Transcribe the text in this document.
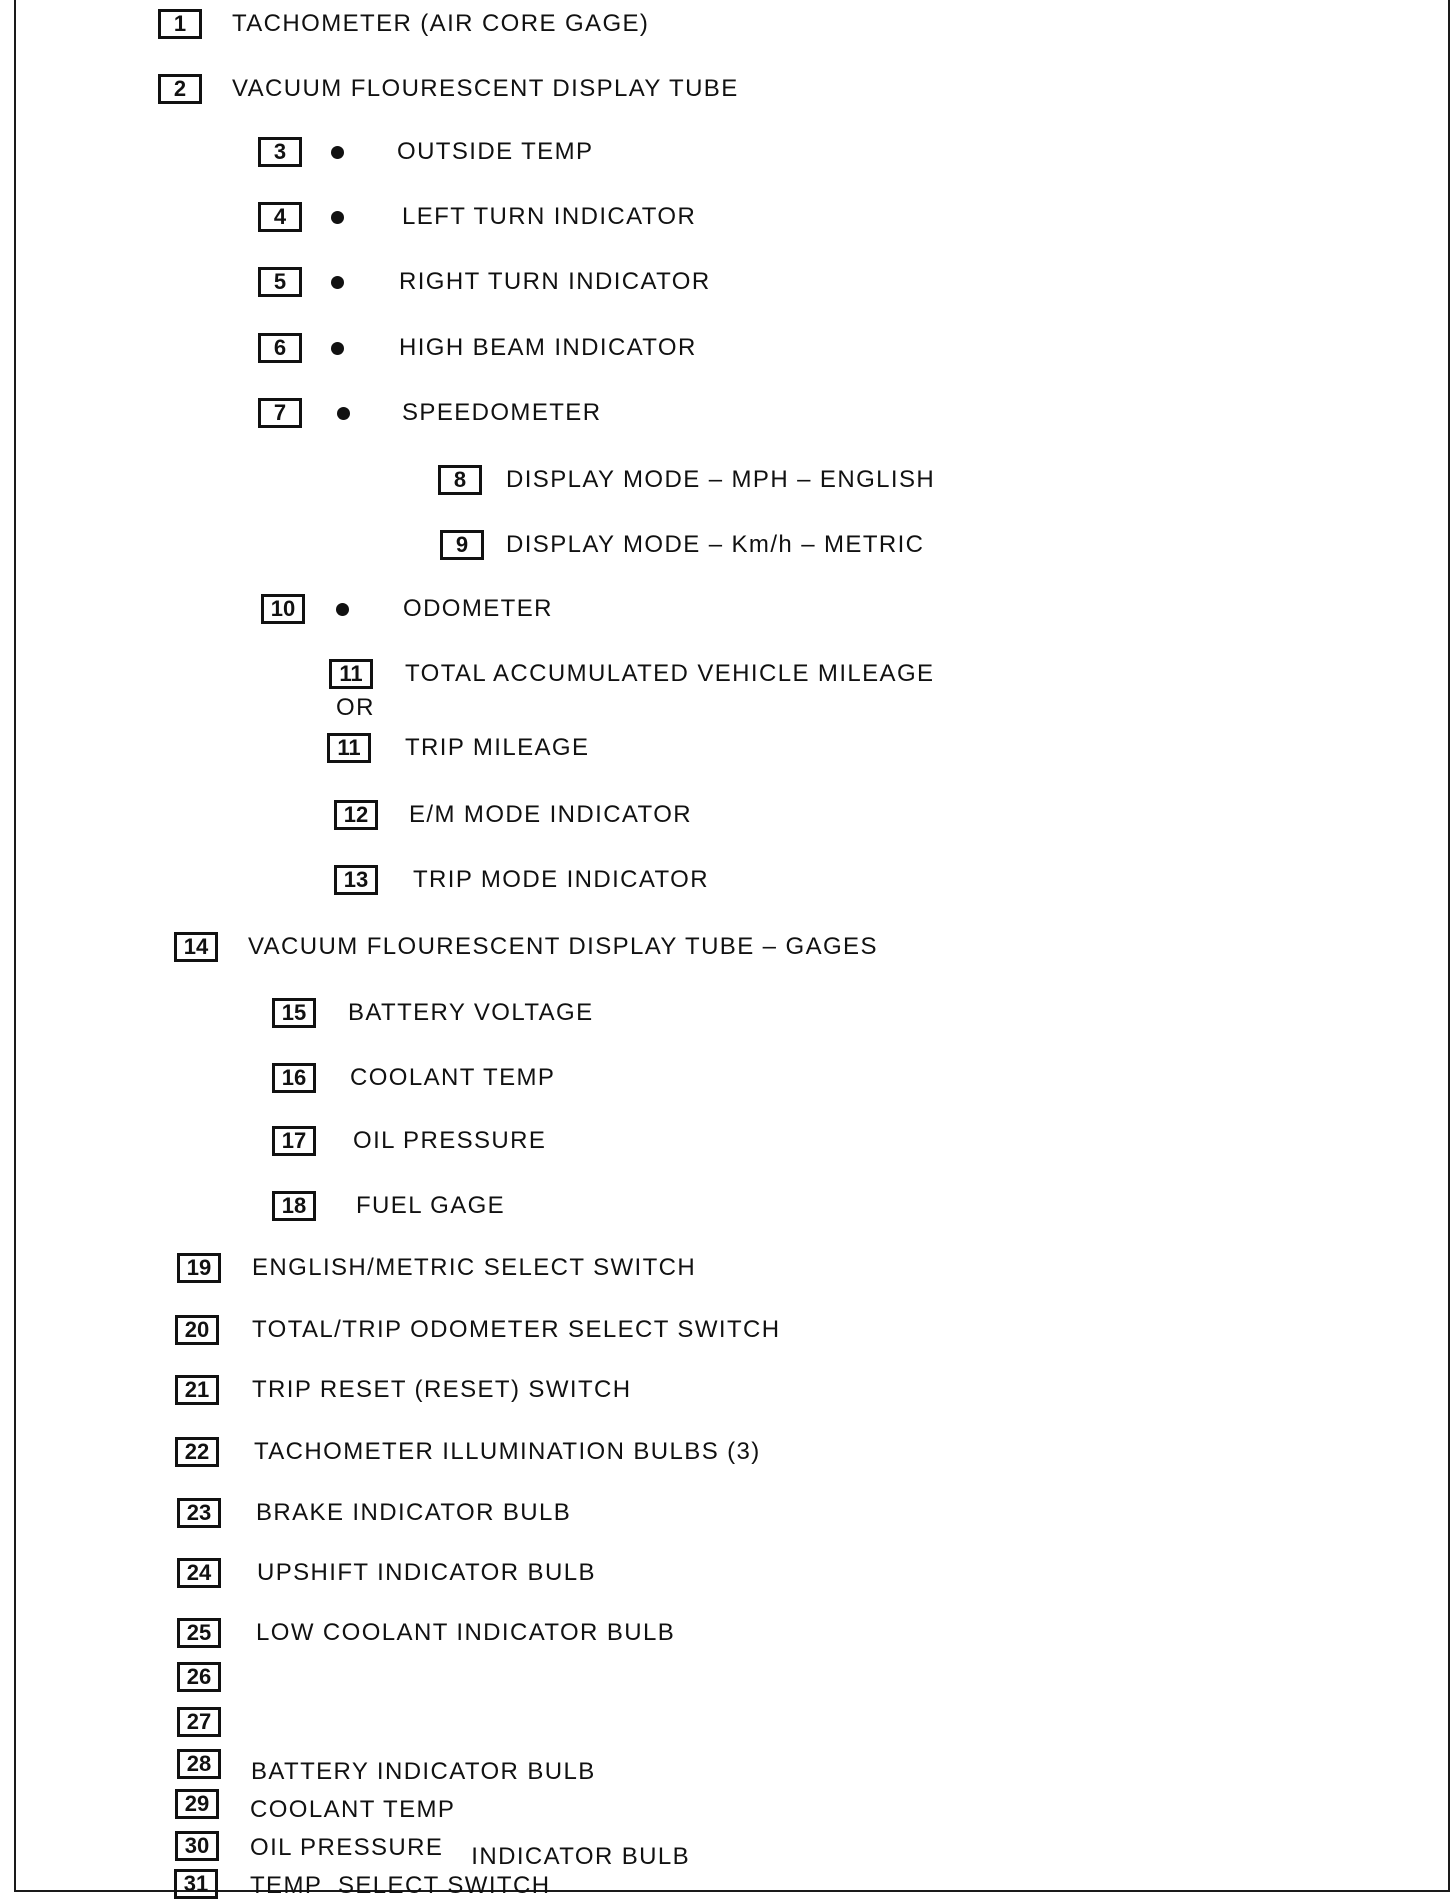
1	TACHOMETER (AIR CORE GAGE)
2	VACUUM FLOURESCENT DISPLAY TUBE
3	OUTSIDE TEMP
4	LEFT TURN INDICATOR
5	RIGHT TURN INDICATOR
6	HIGH BEAM INDICATOR
7	SPEEDOMETER
8	DISPLAY MODE – MPH – ENGLISH
9	DISPLAY MODE – Km/h – METRIC
10	ODOMETER
11	TOTAL ACCUMULATED VEHICLE MILEAGE
OR
11	TRIP MILEAGE
12	E/M MODE INDICATOR
13	TRIP MODE INDICATOR
14	VACUUM FLOURESCENT DISPLAY TUBE – GAGES
15	BATTERY VOLTAGE
16	COOLANT TEMP
17	OIL PRESSURE
18	FUEL GAGE
19	ENGLISH/METRIC SELECT SWITCH
20	TOTAL/TRIP ODOMETER SELECT SWITCH
21	TRIP RESET (RESET) SWITCH
22	TACHOMETER ILLUMINATION BULBS (3)
23	BRAKE INDICATOR BULB
24	UPSHIFT INDICATOR BULB
25	LOW COOLANT INDICATOR BULB
26
27
28	BATTERY INDICATOR BULB
29	COOLANT TEMP
30	OIL PRESSURE INDICATOR BULB
31	TEMP  SELECT SWITCH
